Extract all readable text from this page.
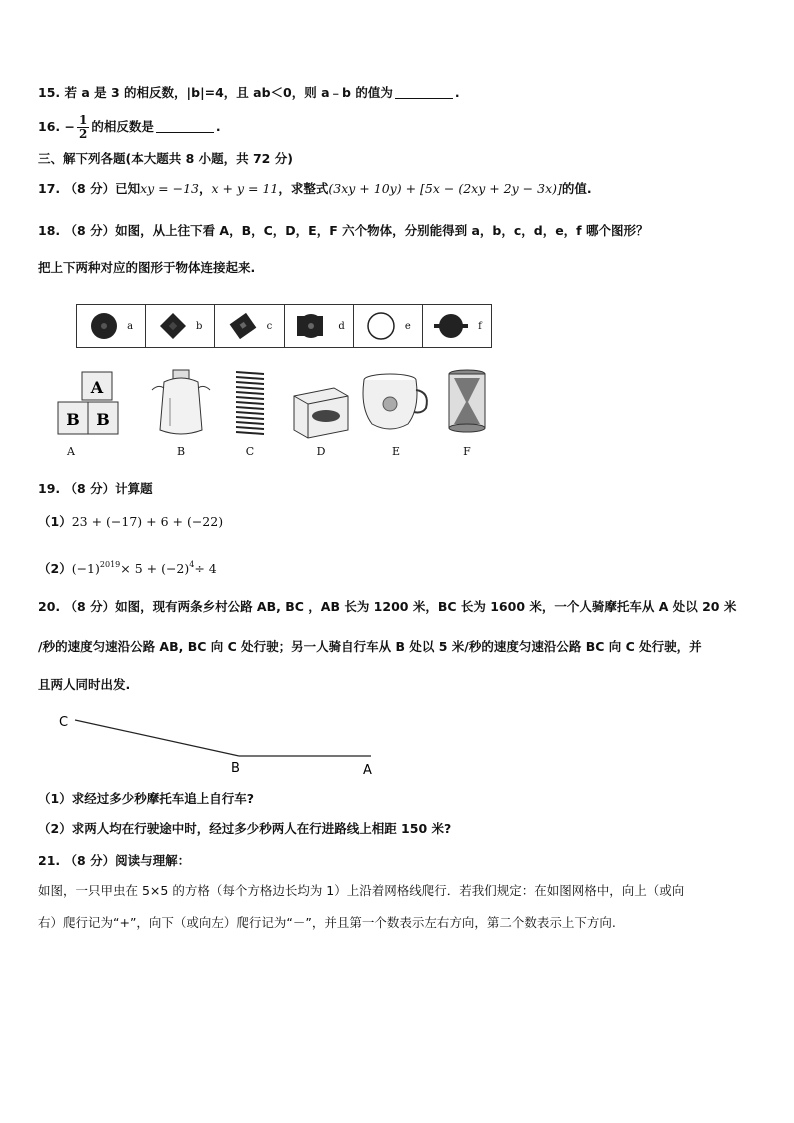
15. 若 a 是 3 的相反数，|b|=4，且 ab＜0，则 a﹣b 的值为	.
16. − $\frac{1}{2}$ 的相反数是	.
三、解下列各题(本大题共 8 小题，共 72 分)
17. （8 分）已知xy = −13，x + y = 11，求整式(3xy + 10y) + [5x − (2xy + 2y − 3x)]的值.
18. （8 分）如图，从上往下看 A，B，C，D，E，F 六个物体，分别能得到 a，b，c，d，e，f 哪个图形？
把上下两种对应的图形于物体连接起来.
a	b	c	d	e	f
A
B B
A	B	C	D	E	F
19. （8 分）计算题
（1）23 + (−17) + 6 + (−22)
$(2)(-1)^{2019}\times 5 + (-2)^4\div 4$
20. （8 分）如图，现有两条乡村公路 AB, BC ，AB 长为 1200 米，BC 长为 1600 米，一个人骑摩托车从 A 处以 20 米
/秒的速度匀速沿公路 AB, BC 向 C 处行驶；另一人骑自行车从 B 处以 5 米/秒的速度匀速沿公路 BC 向 C 处行驶，并
且两人同时出发.
C
B	A
（1）求经过多少秒摩托车追上自行车?
（2）求两人均在行驶途中时，经过多少秒两人在行进路线上相距 150 米?
21. （8 分）阅读与理解：
如图，一只甲虫在 5×5 的方格（每个方格边长均为 1）上沿着网格线爬行．若我们规定：在如图网格中，向上（或向
右）爬行记为“+”，向下（或向左）爬行记为“－”，并且第一个数表示左右方向，第二个数表示上下方向.
